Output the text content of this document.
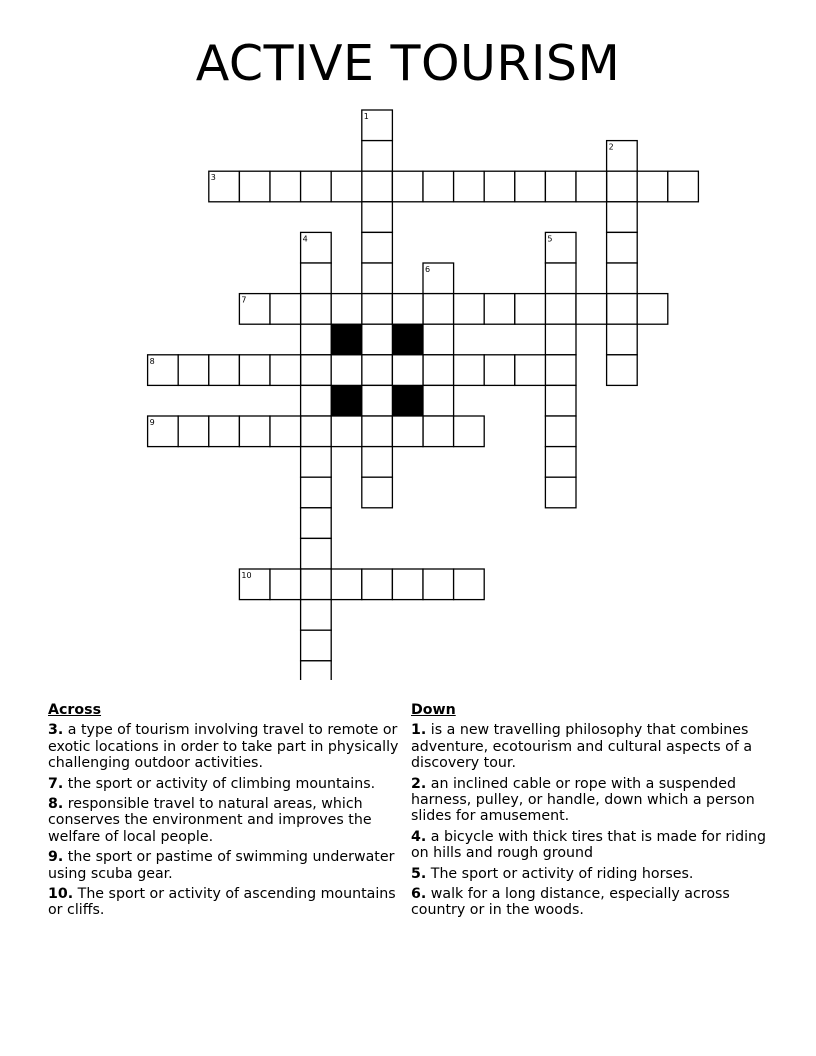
ACTIVE TOURISM
1
2
3
4	5
6
7
8
9
10
Across
3. a type of tourism involving travel to remote or exotic locations in order to take part in physically challenging outdoor activities.
7. the sport or activity of climbing mountains.
8. responsible travel to natural areas, which conserves the environment and improves the welfare of local people.
9. the sport or pastime of swimming underwater using scuba gear.
10. The sport or activity of ascending mountains or cliffs.
Down
1. is a new travelling philosophy that combines adventure, ecotourism and cultural aspects of a discovery tour.
2. an inclined cable or rope with a suspended harness, pulley, or handle, down which a person slides for amusement.
4. a bicycle with thick tires that is made for riding on hills and rough ground
5. The sport or activity of riding horses.
6. walk for a long distance, especially across country or in the woods.
